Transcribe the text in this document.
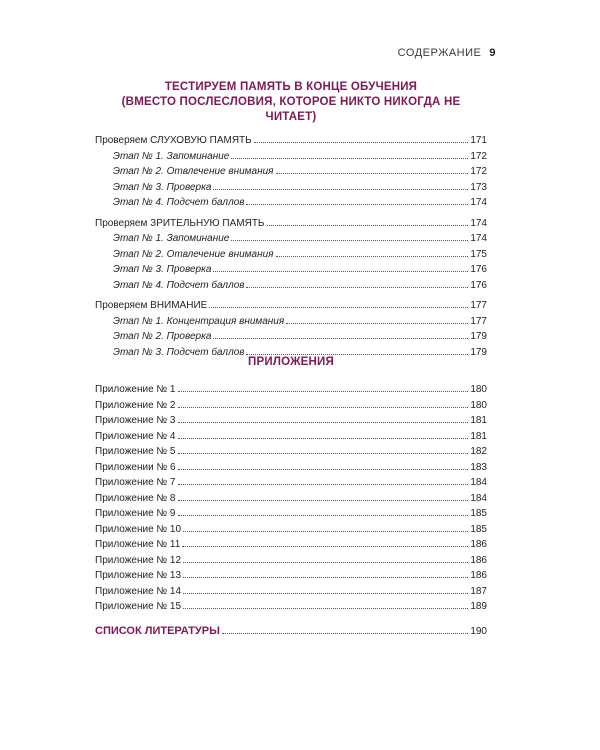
СОДЕРЖАНИЕ 9
ТЕСТИРУЕМ ПАМЯТЬ В КОНЦЕ ОБУЧЕНИЯ
(ВМЕСТО ПОСЛЕСЛОВИЯ, КОТОРОЕ НИКТО НИКОГДА НЕ ЧИТАЕТ)
Проверяем СЛУХОВУЮ ПАМЯТЬ	171
Этап № 1. Запоминание	172
Этап № 2. Отвлечение внимания	172
Этап № 3. Проверка	173
Этап № 4. Подсчет баллов	174
Проверяем ЗРИТЕЛЬНУЮ ПАМЯТЬ	174
Этап № 1. Запоминание	174
Этап № 2. Отвлечение внимания	175
Этап № 3. Проверка	176
Этап № 4. Подсчет баллов	176
Проверяем ВНИМАНИЕ	177
Этап № 1. Концентрация внимания	177
Этап № 2. Проверка	179
Этап № 3. Подсчет баллов	179
ПРИЛОЖЕНИЯ
Приложение № 1	180
Приложение № 2	180
Приложение № 3	181
Приложение № 4	181
Приложение № 5	182
Приложении № 6	183
Приложение № 7	184
Приложение № 8	184
Приложение № 9	185
Приложение № 10	185
Приложение № 11	186
Приложение № 12	186
Приложение № 13	186
Приложение № 14	187
Приложение № 15	189
СПИСОК ЛИТЕРАТУРЫ	190
